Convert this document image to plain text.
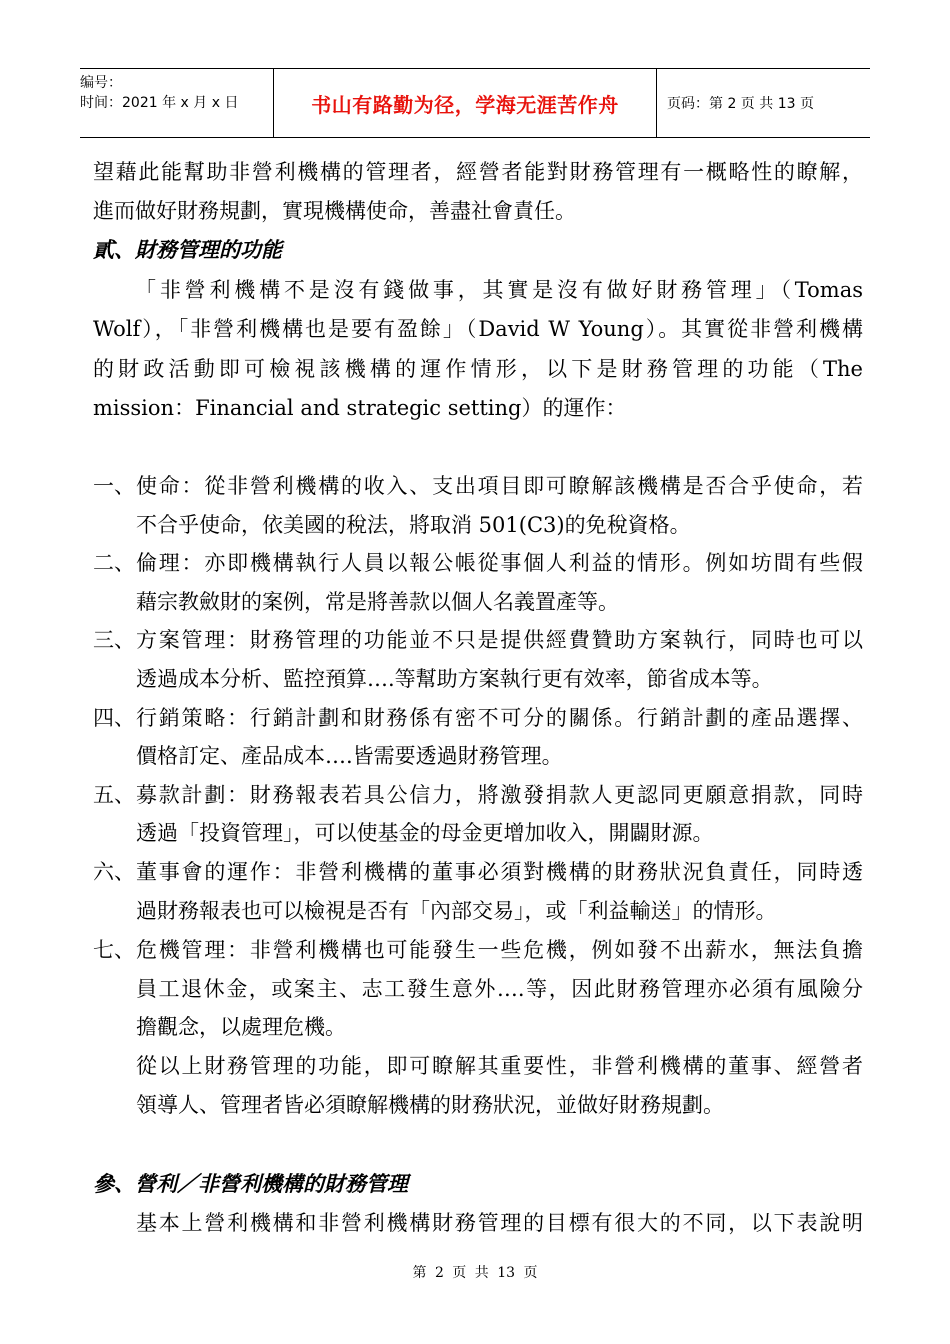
编号：
时间：2021 年 x 月 x 日	书山有路勤为径，学海无涯苦作舟	页码：第 2 页 共 13 页
望藉此能幫助非營利機構的管理者，經營者能對財務管理有一概略性的瞭解，
進而做好財務規劃，實現機構使命，善盡社會責任。
貳、財務管理的功能
「非營利機構不是沒有錢做事，其實是沒有做好財務管理」（Tomas
Wolf），「非營利機構也是要有盈餘」（David W Young）。其實從非營利機構
的財政活動即可檢視該機構的運作情形，以下是財務管理的功能（The
mission：Financial and strategic setting）的運作：
一、 使命：從非營利機構的收入、支出項目即可瞭解該機構是否合乎使命，若
不合乎使命，依美國的稅法，將取消 501(C3)的免稅資格。
二、 倫理：亦即機構執行人員以報公帳從事個人利益的情形。例如坊間有些假
藉宗教斂財的案例，常是將善款以個人名義置產等。
三、 方案管理：財務管理的功能並不只是提供經費贊助方案執行，同時也可以
透過成本分析、監控預算….等幫助方案執行更有效率，節省成本等。
四、 行銷策略：行銷計劃和財務係有密不可分的關係。行銷計劃的產品選擇、
價格訂定、產品成本….皆需要透過財務管理。
五、 募款計劃：財務報表若具公信力，將激發捐款人更認同更願意捐款，同時
透過「投資管理」，可以使基金的母金更增加收入，開闢財源。
六、 董事會的運作：非營利機構的董事必須對機構的財務狀況負責任，同時透
過財務報表也可以檢視是否有「內部交易」，或「利益輸送」的情形。
七、 危機管理：非營利機構也可能發生一些危機，例如發不出薪水，無法負擔
員工退休金，或案主、志工發生意外….等，因此財務管理亦必須有風險分
擔觀念，以處理危機。
從以上財務管理的功能，即可瞭解其重要性，非營利機構的董事、經營者
領導人、管理者皆必須瞭解機構的財務狀況，並做好財務規劃。
參、營利／非營利機構的財務管理
基本上營利機構和非營利機構財務管理的目標有很大的不同，以下表說明
第 2 页 共 13 页
